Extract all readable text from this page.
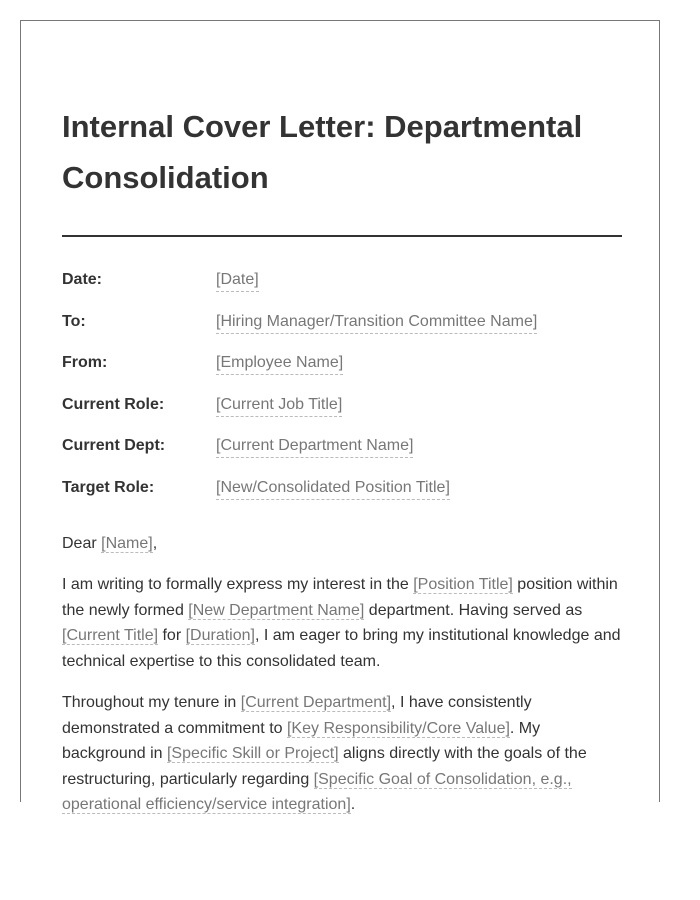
Internal Cover Letter: Departmental Consolidation
Date:	[Date]
To:	[Hiring Manager/Transition Committee Name]
From:	[Employee Name]
Current Role:	[Current Job Title]
Current Dept:	[Current Department Name]
Target Role:	[New/Consolidated Position Title]

Dear [Name],

I am writing to formally express my interest in the [Position Title] position within the newly formed [New Department Name] department. Having served as [Current Title] for [Duration], I am eager to bring my institutional knowledge and technical expertise to this consolidated team.

Throughout my tenure in [Current Department], I have consistently demonstrated a commitment to [Key Responsibility/Core Value]. My background in [Specific Skill or Project] aligns directly with the goals of the restructuring, particularly regarding [Specific Goal of Consolidation, e.g., operational efficiency/service integration].
